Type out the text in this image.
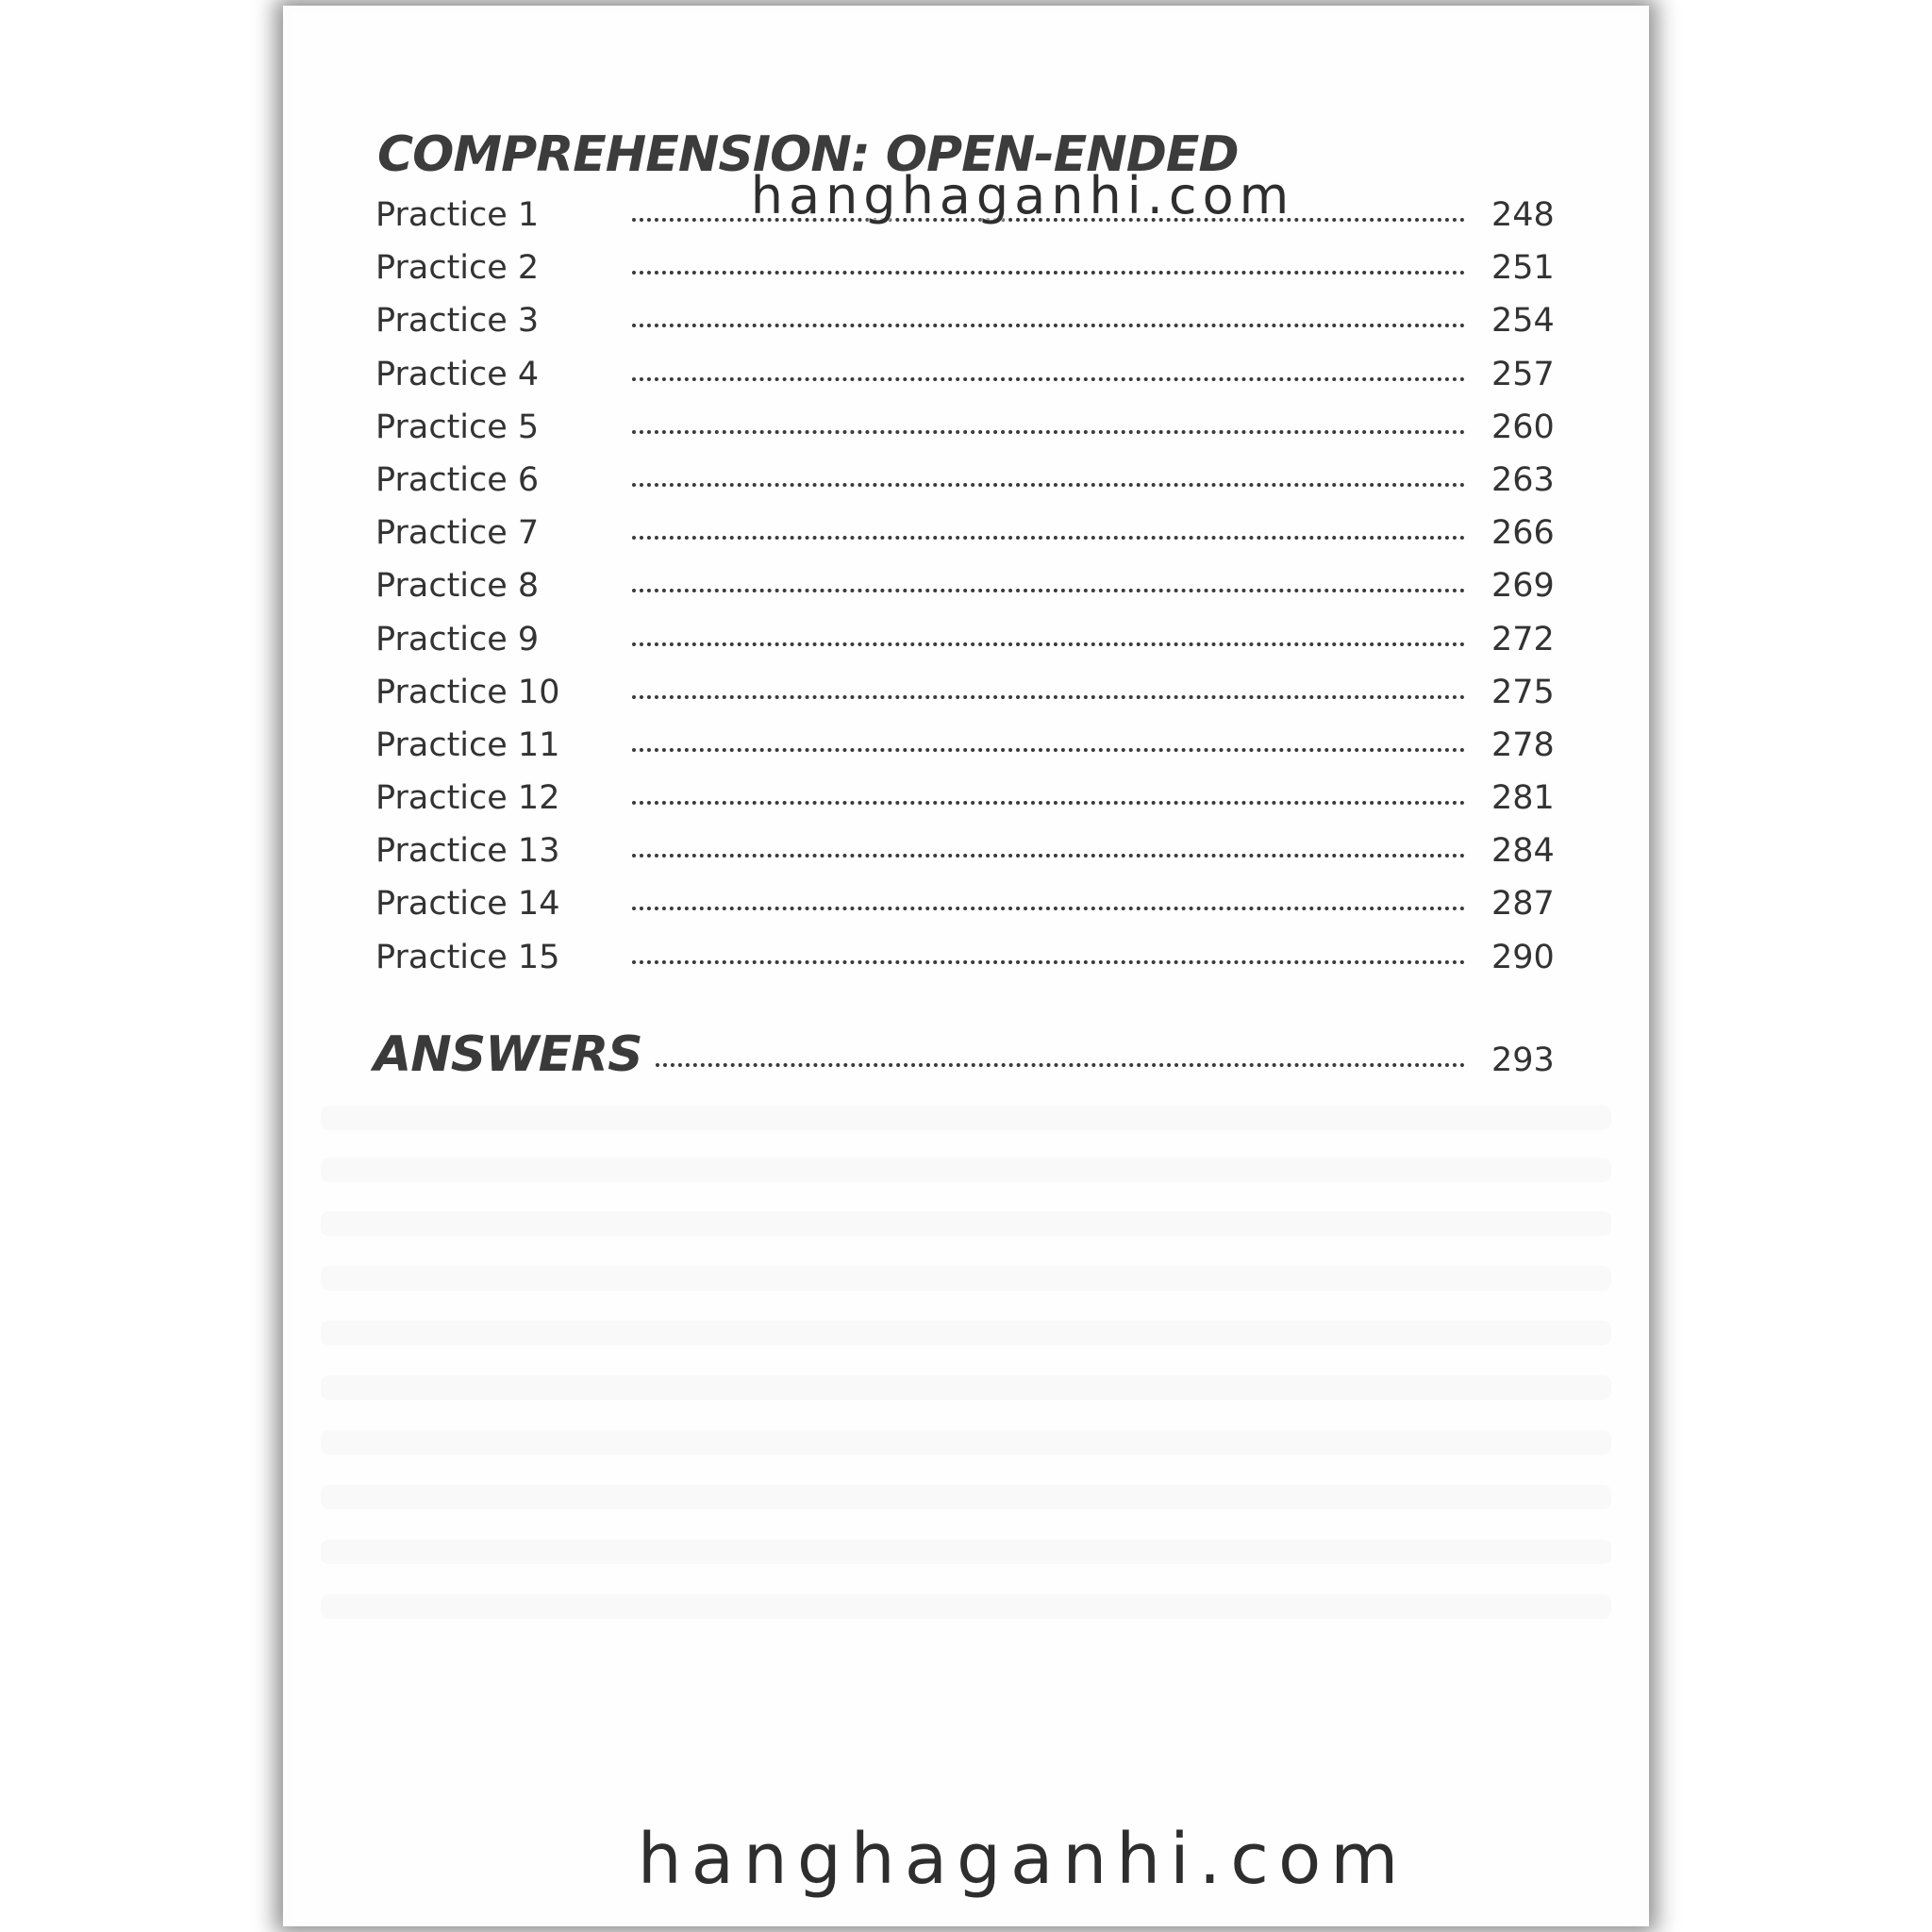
COMPREHENSION: OPEN-ENDED
Practice 1	248
Practice 2	251
Practice 3	254
Practice 4	257
Practice 5	260
Practice 6	263
Practice 7	266
Practice 8	269
Practice 9	272
Practice 10	275
Practice 11	278
Practice 12	281
Practice 13	284
Practice 14	287
Practice 15	290
ANSWERS	293
hanghaganhi.com
hanghaganhi.com
